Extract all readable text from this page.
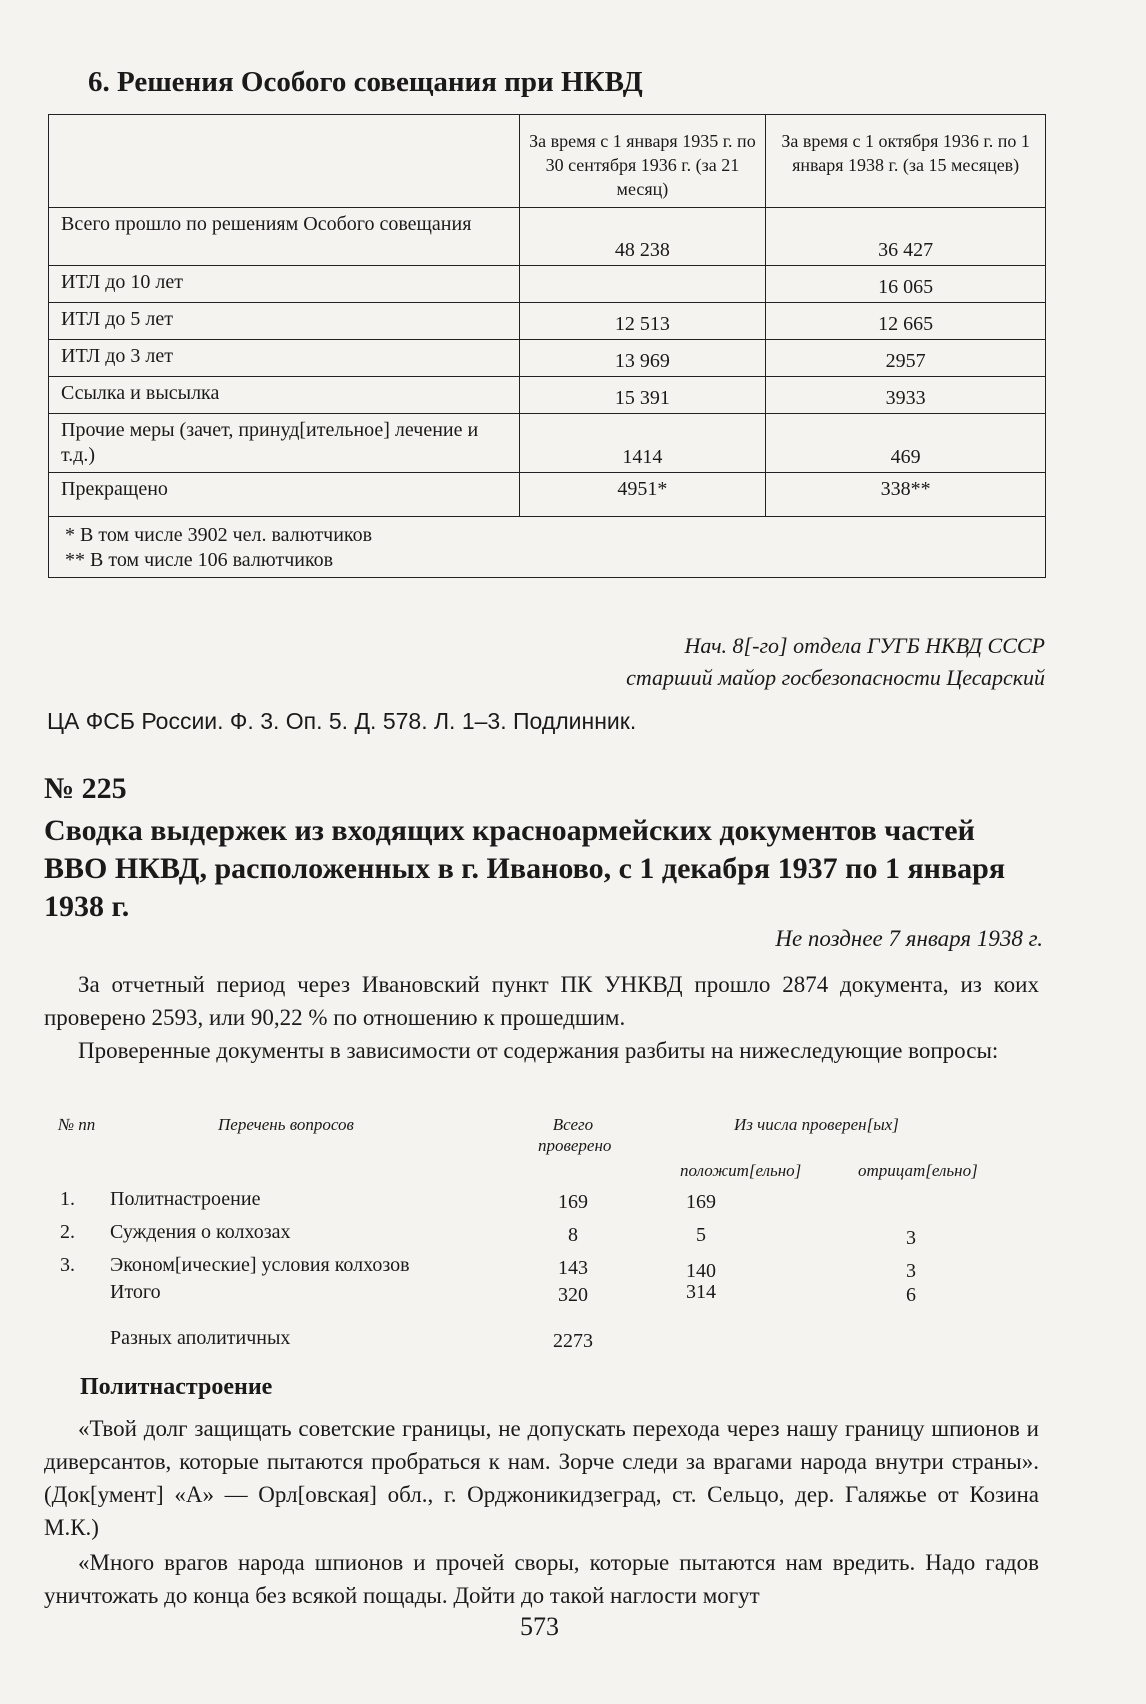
6. Решения Особого совещания при НКВД
	За время с 1 января 1935 г. по 30 сентября 1936 г. (за 21 месяц)	За время с 1 октября 1936 г. по 1 января 1938 г. (за 15 месяцев)
Всего прошло по решениям Особого совещания	48 238	36 427
ИТЛ до 10 лет		16 065
ИТЛ до 5 лет	12 513	12 665
ИТЛ до 3 лет	13 969	2957
Ссылка и высылка	15 391	3933
Прочие меры (зачет, принуд[ительное] лечение и т.д.)	1414	469
Прекращено	4951*	338**

* В том числе 3902 чел. валютчиков
** В том числе 106 валютчиков		
Нач. 8[-го] отдела ГУГБ НКВД СССР
старший майор госбезопасности Цесарский
ЦА ФСБ России. Ф. 3. Оп. 5. Д. 578. Л. 1–3. Подлинник.
№ 225
Сводка выдержек из входящих красноармейских документов частей ВВО НКВД, расположенных в г. Иваново, с 1 декабря 1937 по 1 января 1938 г.
Не позднее 7 января 1938 г.
За отчетный период через Ивановский пункт ПК УНКВД прошло 2874 документа, из коих проверено 2593, или 90,22 % по отношению к прошедшим.
Проверенные документы в зависимости от содержания разбиты на нижеследующие вопросы:
№ пп	Перечень вопросов	Всего проверено
Из числа проверен[ых]
положит[ельно]	отрицат[ельно]
1. Политнастроение	169	169
2. Суждения о колхозах	8	5	3
3. Эконом[ические] условия колхозов	143	140	3
Итого	320	314	6
Разных аполитичных	2273
Политнастроение
«Твой долг защищать советские границы, не допускать перехода через нашу границу шпионов и диверсантов, которые пытаются пробраться к нам. Зорче следи за врагами народа внутри страны». (Док[умент] «А» — Орл[овская] обл., г. Орджоникидзеград, ст. Сельцо, дер. Галяжье от Козина М.К.)
«Много врагов народа шпионов и прочей своры, которые пытаются нам вредить. Надо гадов уничтожать до конца без всякой пощады. Дойти до такой наглости могут
573
